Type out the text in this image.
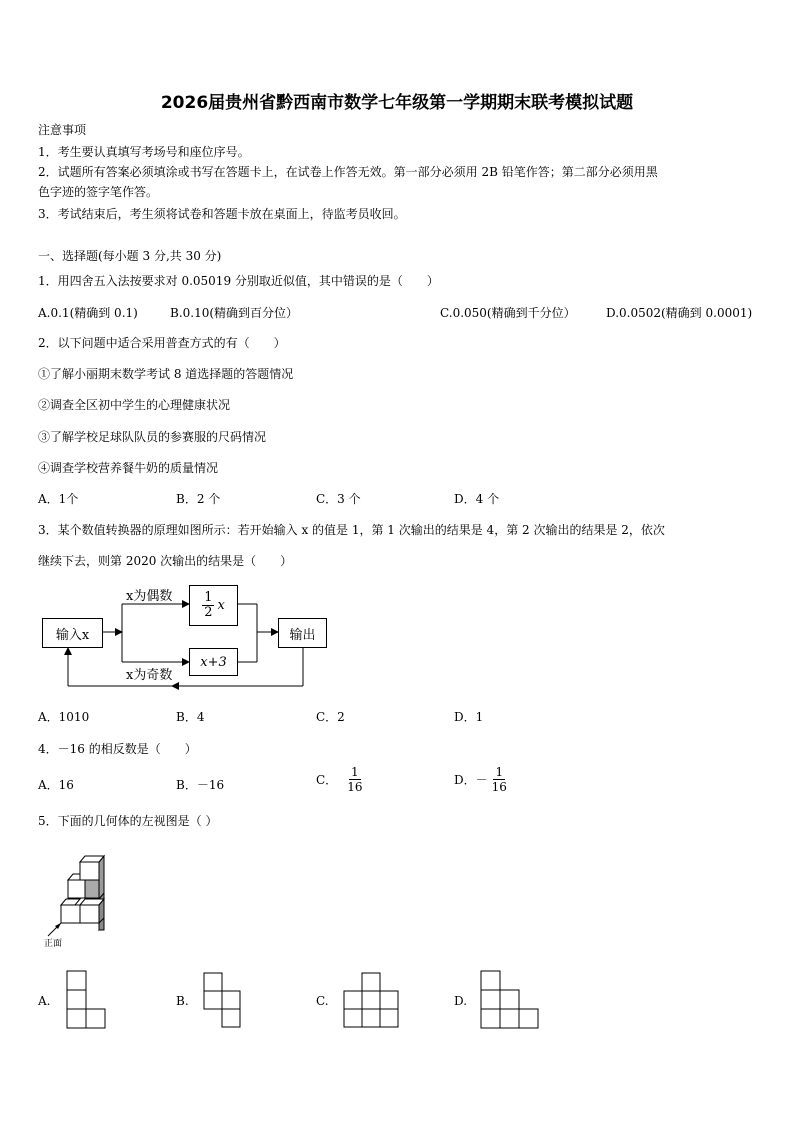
2026届贵州省黔西南市数学七年级第一学期期末联考模拟试题
注意事项
1．考生要认真填写考场号和座位序号。
2．试题所有答案必须填涂或书写在答题卡上，在试卷上作答无效。第一部分必须用 2B 铅笔作答；第二部分必须用黑
色字迹的签字笔作答。
3．考试结束后，考生须将试卷和答题卡放在桌面上，待监考员收回。
一、选择题(每小题 3 分,共 30 分)
1．用四舍五入法按要求对 0.05019 分别取近似值，其中错误的是（　　）
A.0.1(精确到 0.1)	B.0.10(精确到百分位）	C.0.050(精确到千分位）	D.0.0502(精确到 0.0001)
2．以下问题中适合采用普查方式的有（　　）
①了解小丽期末数学考试 8 道选择题的答题情况
②调查全区初中学生的心理健康状况
③了解学校足球队队员的参赛服的尺码情况
④调查学校营养餐牛奶的质量情况
A．1个	B．2 个	C．3 个	D．4 个
3．某个数值转换器的原理如图所示：若开始输入 x 的值是 1，第 1 次输出的结果是 4，第 2 次输出的结果是 2，依次
继续下去，则第 2020 次输出的结果是（　　）
输入x
x为偶数
x为奇数
$\frac{1}{2}$ x
x+3
输出
A．1010	B．4	C．2	D．1
4．－16 的相反数是（　　）
A．16	B．－16	C． $\frac{1}{16}$	D．－ $\frac{1}{16}$
5．下面的几何体的左视图是（ ）
正面
A.	B.	C.	D.
